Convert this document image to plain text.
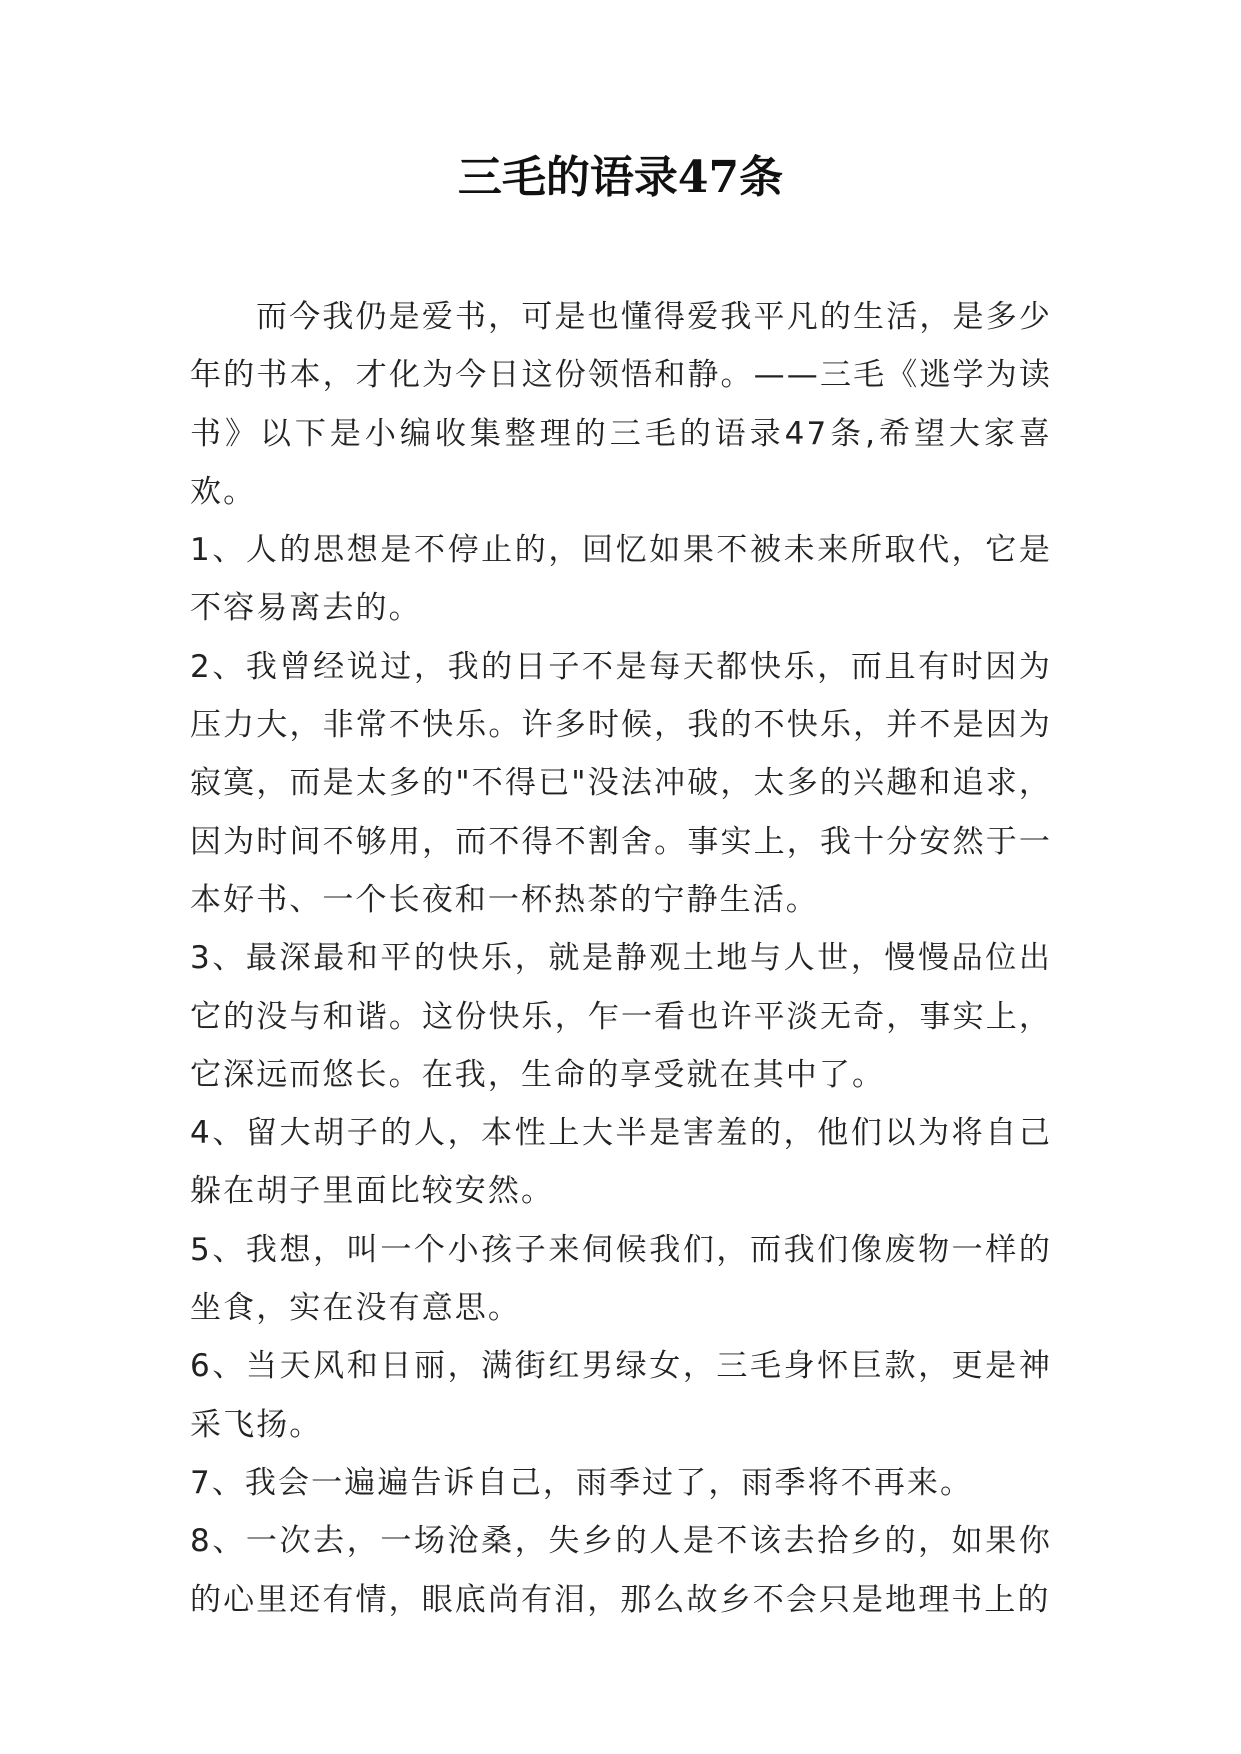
三毛的语录47条

而今我仍是爱书，可是也懂得爱我平凡的生活，是多少年的书本，才化为今日这份领悟和静。——三毛《逃学为读书》以下是小编收集整理的三毛的语录47条,希望大家喜欢。

1、人的思想是不停止的，回忆如果不被未来所取代，它是不容易离去的。

2、我曾经说过，我的日子不是每天都快乐，而且有时因为压力大，非常不快乐。许多时候，我的不快乐，并不是因为寂寞，而是太多的"不得已"没法冲破，太多的兴趣和追求，因为时间不够用，而不得不割舍。事实上，我十分安然于一本好书、一个长夜和一杯热茶的宁静生活。

3、最深最和平的快乐，就是静观土地与人世，慢慢品位出它的没与和谐。这份快乐，乍一看也许平淡无奇，事实上，它深远而悠长。在我，生命的享受就在其中了。

4、留大胡子的人，本性上大半是害羞的，他们以为将自己躲在胡子里面比较安然。

5、我想，叫一个小孩子来伺候我们，而我们像废物一样的坐食，实在没有意思。

6、当天风和日丽，满街红男绿女，三毛身怀巨款，更是神采飞扬。

7、我会一遍遍告诉自己，雨季过了，雨季将不再来。

8、一次去，一场沧桑，失乡的人是不该去拾乡的，如果你的心里还有情，眼底尚有泪，那么故乡不会只是地理书上的
